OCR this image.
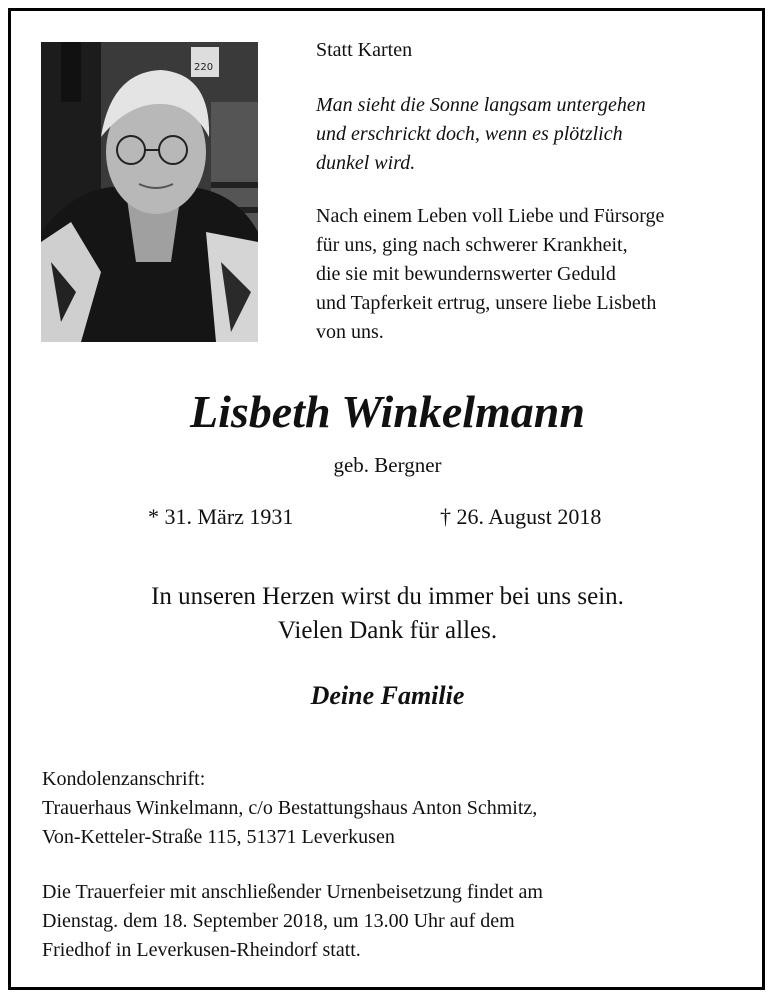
220

Statt Karten

Man sieht die Sonne langsam untergehen
und erschrickt doch, wenn es plötzlich
dunkel wird.
Nach einem Leben voll Liebe und Fürsorge
für uns, ging nach schwerer Krankheit,
die sie mit bewundernswerter Geduld
und Tapferkeit ertrug, unsere liebe Lisbeth
von uns.
Lisbeth Winkelmann
geb. Bergner

* 31. März 1931	† 26. August 2018

In unseren Herzen wirst du immer bei uns sein.
Vielen Dank für alles.
Deine Familie
Kondolenzanschrift:
Trauerhaus Winkelmann, c/o Bestattungshaus Anton Schmitz,
Von-Ketteler-Straße 115, 51371 Leverkusen
Die Trauerfeier mit anschließender Urnenbeisetzung findet am
Dienstag. dem 18. September 2018, um 13.00 Uhr auf dem
Friedhof in Leverkusen-Rheindorf statt.
